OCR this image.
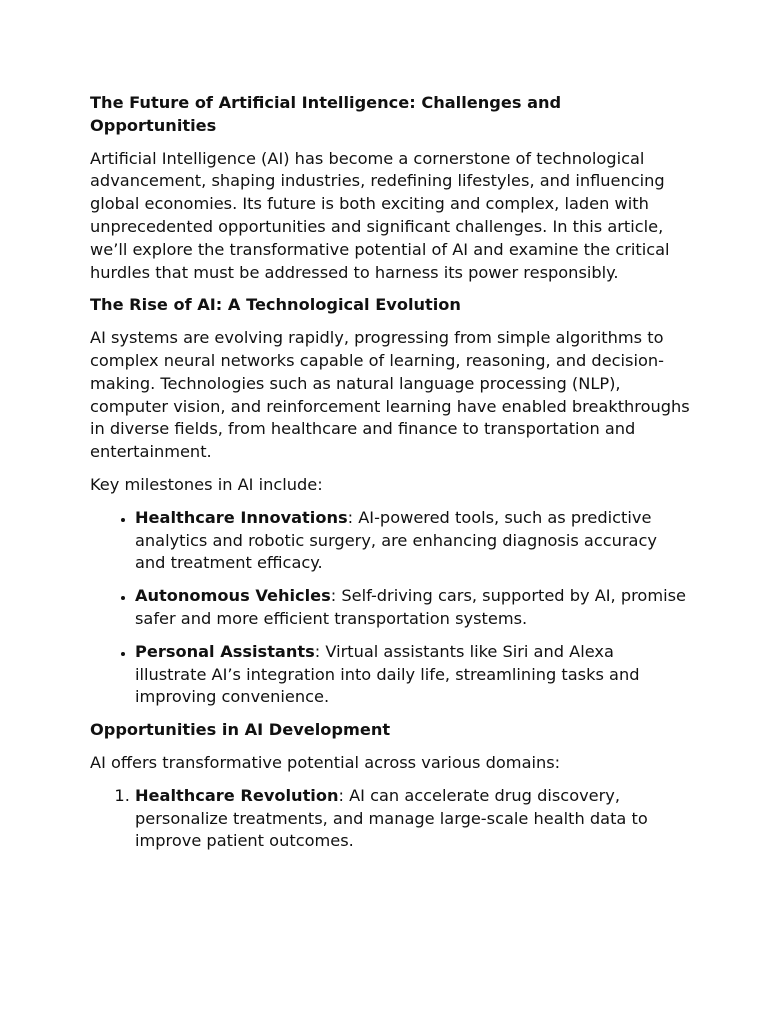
The Future of Artificial Intelligence: Challenges and Opportunities

Artificial Intelligence (AI) has become a cornerstone of technological advancement, shaping industries, redefining lifestyles, and influencing global economies. Its future is both exciting and complex, laden with unprecedented opportunities and significant challenges. In this article, we’ll explore the transformative potential of AI and examine the critical hurdles that must be addressed to harness its power responsibly.

The Rise of AI: A Technological Evolution

AI systems are evolving rapidly, progressing from simple algorithms to complex neural networks capable of learning, reasoning, and decision-making. Technologies such as natural language processing (NLP), computer vision, and reinforcement learning have enabled breakthroughs in diverse fields, from healthcare and finance to transportation and entertainment.

Key milestones in AI include:

• Healthcare Innovations: AI-powered tools, such as predictive analytics and robotic surgery, are enhancing diagnosis accuracy and treatment efficacy.
• Autonomous Vehicles: Self-driving cars, supported by AI, promise safer and more efficient transportation systems.
• Personal Assistants: Virtual assistants like Siri and Alexa illustrate AI’s integration into daily life, streamlining tasks and improving convenience.
Opportunities in AI Development

AI offers transformative potential across various domains:

1. Healthcare Revolution: AI can accelerate drug discovery, personalize treatments, and manage large-scale health data to improve patient outcomes.
